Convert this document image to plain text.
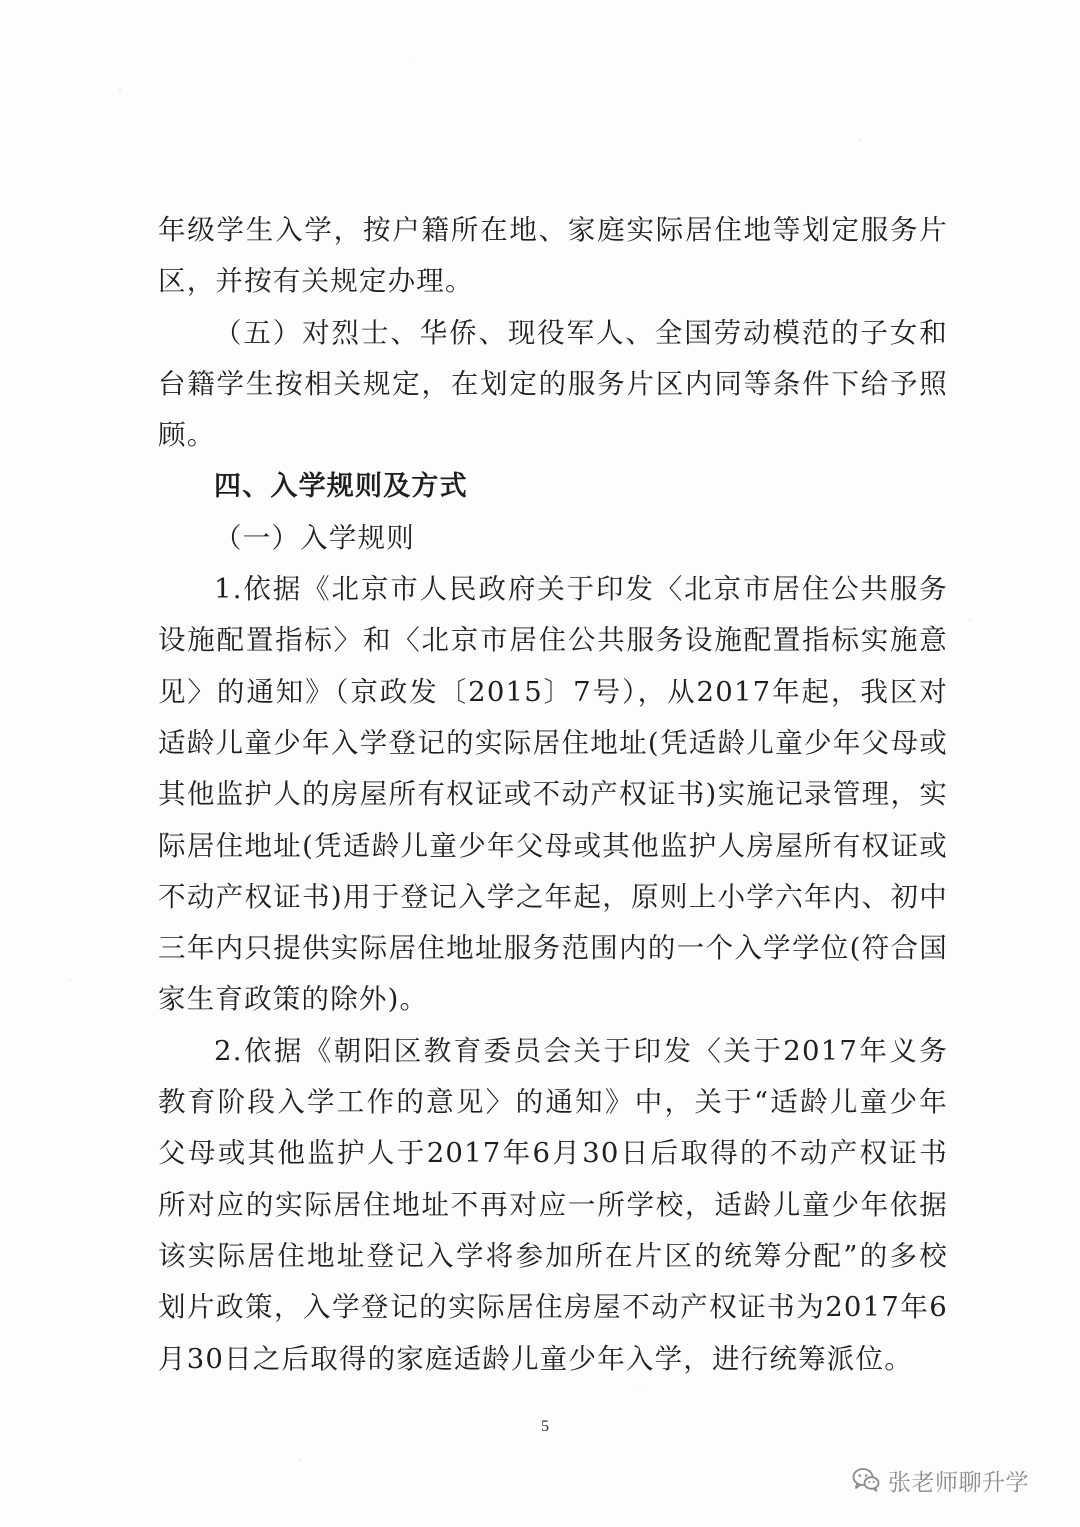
年级学生入学，按户籍所在地、家庭实际居住地等划定服务片区，并按有关规定办理。

（五）对烈士、华侨、现役军人、全国劳动模范的子女和台籍学生按相关规定，在划定的服务片区内同等条件下给予照顾。

四、入学规则及方式

（一）入学规则

1.依据《北京市人民政府关于印发〈北京市居住公共服务设施配置指标〉和〈北京市居住公共服务设施配置指标实施意见〉的通知》（京政发〔2015〕7号），从2017年起，我区对适龄儿童少年入学登记的实际居住地址(凭适龄儿童少年父母或其他监护人的房屋所有权证或不动产权证书)实施记录管理，实际居住地址(凭适龄儿童少年父母或其他监护人房屋所有权证或不动产权证书)用于登记入学之年起，原则上小学六年内、初中三年内只提供实际居住地址服务范围内的一个入学学位(符合国家生育政策的除外)。

2.依据《朝阳区教育委员会关于印发〈关于2017年义务教育阶段入学工作的意见〉的通知》中，关于“适龄儿童少年父母或其他监护人于2017年6月30日后取得的不动产权证书所对应的实际居住地址不再对应一所学校，适龄儿童少年依据该实际居住地址登记入学将参加所在片区的统筹分配”的多校划片政策，入学登记的实际居住房屋不动产权证书为2017年6月30日之后取得的家庭适龄儿童少年入学，进行统筹派位。

5
张老师聊升学
